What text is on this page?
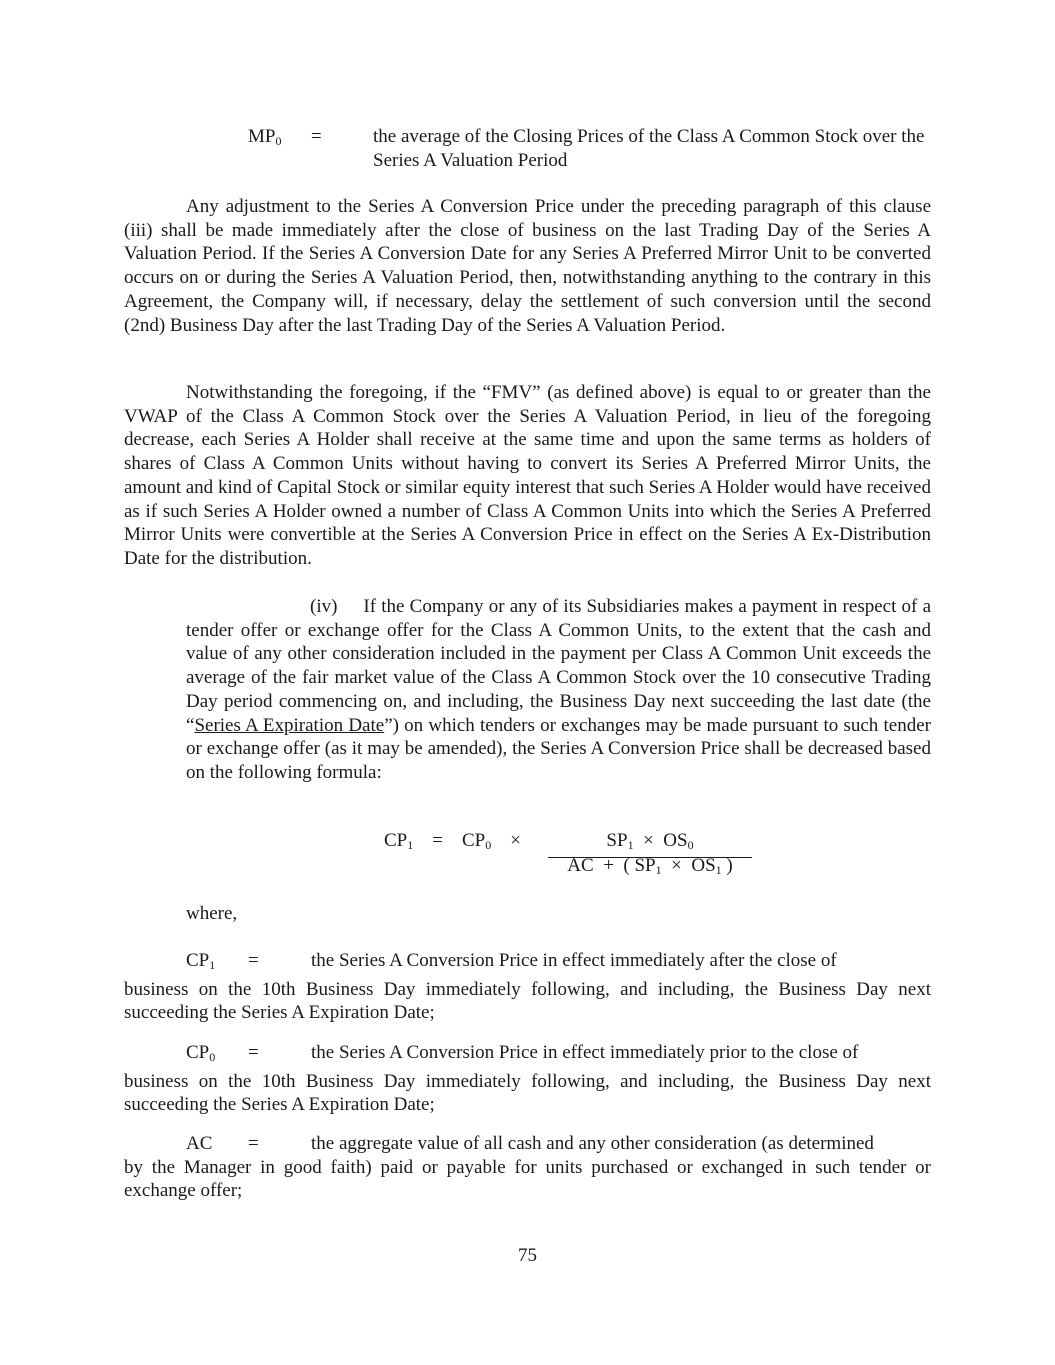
$MP_0$ =	the average of the Closing Prices of the Class A Common Stock over the Series A Valuation Period
Any adjustment to the Series A Conversion Price under the preceding paragraph of this clause (iii) shall be made immediately after the close of business on the last Trading Day of the Series A Valuation Period. If the Series A Conversion Date for any Series A Preferred Mirror Unit to be converted occurs on or during the Series A Valuation Period, then, notwithstanding anything to the contrary in this Agreement, the Company will, if necessary, delay the settlement of such conversion until the second (2nd) Business Day after the last Trading Day of the Series A Valuation Period.
Notwithstanding the foregoing, if the “FMV” (as defined above) is equal to or greater than the VWAP of the Class A Common Stock over the Series A Valuation Period, in lieu of the foregoing decrease, each Series A Holder shall receive at the same time and upon the same terms as holders of shares of Class A Common Units without having to convert its Series A Preferred Mirror Units, the amount and kind of Capital Stock or similar equity interest that such Series A Holder would have received as if such Series A Holder owned a number of Class A Common Units into which the Series A Preferred Mirror Units were convertible at the Series A Conversion Price in effect on the Series A Ex-Distribution Date for the distribution.
(iv) If the Company or any of its Subsidiaries makes a payment in respect of a tender offer or exchange offer for the Class A Common Units, to the extent that the cash and value of any other consideration included in the payment per Class A Common Unit exceeds the average of the fair market value of the Class A Common Stock over the 10 consecutive Trading Day period commencing on, and including, the Business Day next succeeding the last date (the “Series A Expiration Date”) on which tenders or exchanges may be made pursuant to such tender or exchange offer (as it may be amended), the Series A Conversion Price shall be decreased based on the following formula:
$CP_1 = CP_0$ ×	$SP_1 \times OS_0$
AC + ( $SP_1 \times OS_1$ )
where,
$CP_1$ =	the Series A Conversion Price in effect immediately after the close of
business on the 10th Business Day immediately following, and including, the Business Day next succeeding the Series A Expiration Date;
$CP_0$ =	the Series A Conversion Price in effect immediately prior to the close of
business on the 10th Business Day immediately following, and including, the Business Day next succeeding the Series A Expiration Date;
AC =	the aggregate value of all cash and any other consideration (as determined
by the Manager in good faith) paid or payable for units purchased or exchanged in such tender or exchange offer;
75
